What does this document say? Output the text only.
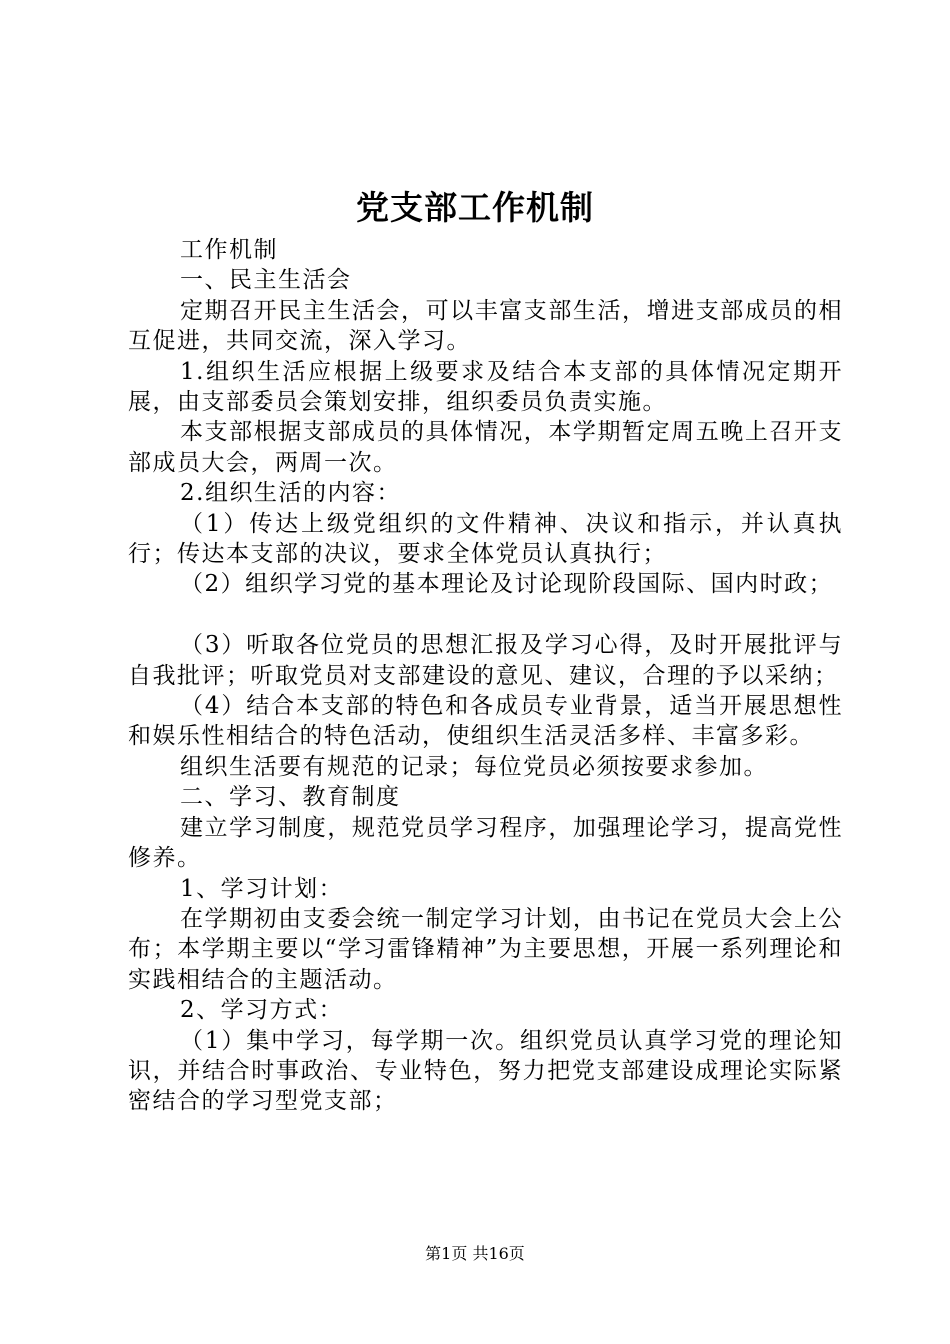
党支部工作机制

工作机制

一、民主生活会

定期召开民主生活会，可以丰富支部生活，增进支部成员的相互促进，共同交流，深入学习。

1.组织生活应根据上级要求及结合本支部的具体情况定期开展，由支部委员会策划安排，组织委员负责实施。

本支部根据支部成员的具体情况，本学期暂定周五晚上召开支部成员大会，两周一次。

2.组织生活的内容：

（1）传达上级党组织的文件精神、决议和指示，并认真执行；传达本支部的决议，要求全体党员认真执行；

（2）组织学习党的基本理论及讨论现阶段国际、国内时政；

（3）听取各位党员的思想汇报及学习心得，及时开展批评与自我批评；听取党员对支部建设的意见、建议，合理的予以采纳；

（4）结合本支部的特色和各成员专业背景，适当开展思想性和娱乐性相结合的特色活动，使组织生活灵活多样、丰富多彩。

组织生活要有规范的记录；每位党员必须按要求参加。

二、学习、教育制度

建立学习制度，规范党员学习程序，加强理论学习，提高党性修养。

1、学习计划：

在学期初由支委会统一制定学习计划，由书记在党员大会上公布；本学期主要以“学习雷锋精神”为主要思想，开展一系列理论和实践相结合的主题活动。

2、学习方式：

（1）集中学习，每学期一次。组织党员认真学习党的理论知识，并结合时事政治、专业特色，努力把党支部建设成理论实际紧密结合的学习型党支部；

第1页 共16页
